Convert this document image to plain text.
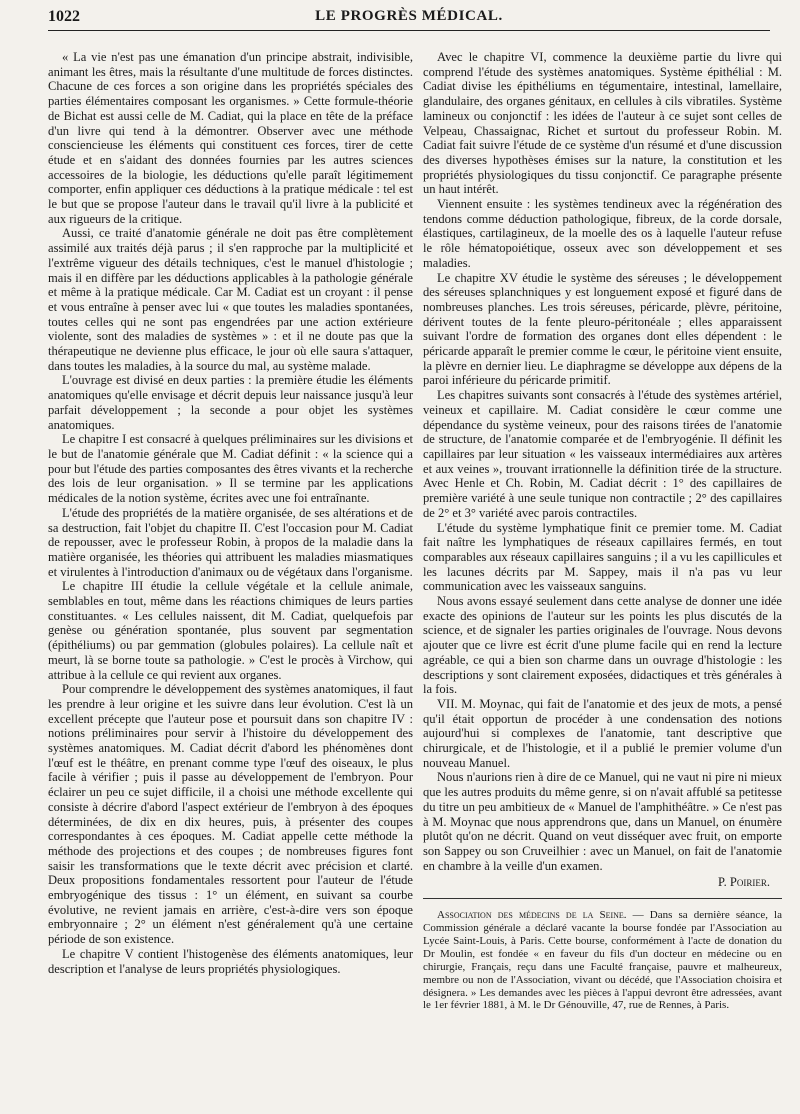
1022	LE PROGRÈS MÉDICAL.

« La vie n'est pas une émanation d'un principe abstrait, indivisible, animant les êtres, mais la résultante d'une multitude de forces distinctes. Chacune de ces forces a son origine dans les propriétés spéciales des parties élémentaires composant les organismes. » Cette formule-théorie de Bichat est aussi celle de M. Cadiat, qui la place en tête de la préface d'un livre qui tend à la démontrer. Observer avec une méthode consciencieuse les éléments qui constituent ces forces, tirer de cette étude et en s'aidant des données fournies par les autres sciences accessoires de la biologie, les déductions qu'elle paraît légitimement comporter, enfin appliquer ces déductions à la pratique médicale : tel est le but que se propose l'auteur dans le travail qu'il livre à la publicité et aux rigueurs de la critique.

Aussi, ce traité d'anatomie générale ne doit pas être complètement assimilé aux traités déjà parus ; il s'en rapproche par la multiplicité et l'extrême vigueur des détails techniques, c'est le manuel d'histologie ; mais il en diffère par les déductions applicables à la pathologie générale et même à la pratique médicale. Car M. Cadiat est un croyant : il pense et vous entraîne à penser avec lui « que toutes les maladies spontanées, toutes celles qui ne sont pas engendrées par une action extérieure violente, sont des maladies de systèmes » : et il ne doute pas que la thérapeutique ne devienne plus efficace, le jour où elle saura s'attaquer, dans toutes les maladies, à la source du mal, au système malade.

L'ouvrage est divisé en deux parties : la première étudie les éléments anatomiques qu'elle envisage et décrit depuis leur naissance jusqu'à leur parfait développement ; la seconde a pour objet les systèmes anatomiques.

Le chapitre I est consacré à quelques préliminaires sur les divisions et le but de l'anatomie générale que M. Cadiat définit : « la science qui a pour but l'étude des parties composantes des êtres vivants et la recherche des lois de leur organisation. » Il se termine par les applications médicales de la notion système, écrites avec une foi entraînante.

L'étude des propriétés de la matière organisée, de ses altérations et de sa destruction, fait l'objet du chapitre II. C'est l'occasion pour M. Cadiat de repousser, avec le professeur Robin, à propos de la maladie dans la matière organisée, les théories qui attribuent les maladies miasmatiques et virulentes à l'introduction d'animaux ou de végétaux dans l'organisme.

Le chapitre III étudie la cellule végétale et la cellule animale, semblables en tout, même dans les réactions chimiques de leurs parties constituantes. « Les cellules naissent, dit M. Cadiat, quelquefois par genèse ou génération spontanée, plus souvent par segmentation (épithéliums) ou par gemmation (globules polaires). La cellule naît et meurt, là se borne toute sa pathologie. » C'est le procès à Virchow, qui attribue à la cellule ce qui revient aux organes.

Pour comprendre le développement des systèmes anatomiques, il faut les prendre à leur origine et les suivre dans leur évolution. C'est là un excellent précepte que l'auteur pose et poursuit dans son chapitre IV : notions préliminaires pour servir à l'histoire du développement des systèmes anatomiques. M. Cadiat décrit d'abord les phénomènes dont l'œuf est le théâtre, en prenant comme type l'œuf des oiseaux, le plus facile à vérifier ; puis il passe au développement de l'embryon. Pour éclairer un peu ce sujet difficile, il a choisi une méthode excellente qui consiste à décrire d'abord l'aspect extérieur de l'embryon à des époques déterminées, de dix en dix heures, puis, à présenter des coupes correspondantes à ces époques. M. Cadiat appelle cette méthode la méthode des projections et des coupes ; de nombreuses figures font saisir les transformations que le texte décrit avec précision et clarté. Deux propositions fondamentales ressortent pour l'auteur de l'étude embryogénique des tissus : 1° un élément, en suivant sa courbe évolutive, ne revient jamais en arrière, c'est-à-dire vers son époque embryonnaire ; 2° un élément n'est généralement qu'à une certaine période de son existence.

Le chapitre V contient l'histogenèse des éléments anatomiques, leur description et l'analyse de leurs propriétés physiologiques.

Avec le chapitre VI, commence la deuxième partie du livre qui comprend l'étude des systèmes anatomiques. Système épithélial : M. Cadiat divise les épithéliums en tégumentaire, intestinal, lamellaire, glandulaire, des organes génitaux, en cellules à cils vibratiles. Système lamineux ou conjonctif : les idées de l'auteur à ce sujet sont celles de Velpeau, Chassaignac, Richet et surtout du professeur Robin. M. Cadiat fait suivre l'étude de ce système d'un résumé et d'une discussion des diverses hypothèses émises sur la nature, la constitution et les propriétés physiologiques du tissu conjonctif. Ce paragraphe présente un haut intérêt.

Viennent ensuite : les systèmes tendineux avec la régénération des tendons comme déduction pathologique, fibreux, de la corde dorsale, élastiques, cartilagineux, de la moelle des os à laquelle l'auteur refuse le rôle hématopoiétique, osseux avec son développement et ses maladies.

Le chapitre XV étudie le système des séreuses ; le développement des séreuses splanchniques y est longuement exposé et figuré dans de nombreuses planches. Les trois séreuses, péricarde, plèvre, péritoine, dérivent toutes de la fente pleuro-péritonéale ; elles apparaissent suivant l'ordre de formation des organes dont elles dépendent : le péricarde apparaît le premier comme le cœur, le péritoine vient ensuite, la plèvre en dernier lieu. Le diaphragme se développe aux dépens de la paroi inférieure du péricarde primitif.

Les chapitres suivants sont consacrés à l'étude des systèmes artériel, veineux et capillaire. M. Cadiat considère le cœur comme une dépendance du système veineux, pour des raisons tirées de l'anatomie de structure, de l'anatomie comparée et de l'embryogénie. Il définit les capillaires par leur situation « les vaisseaux intermédiaires aux artères et aux veines », trouvant irrationnelle la définition tirée de la structure. Avec Henle et Ch. Robin, M. Cadiat décrit : 1° des capillaires de première variété à une seule tunique non contractile ; 2° des capillaires de 2° et 3° variété avec parois contractiles.

L'étude du système lymphatique finit ce premier tome. M. Cadiat fait naître les lymphatiques de réseaux capillaires fermés, en tout comparables aux réseaux capillaires sanguins ; il a vu les capillicules et les lacunes décrits par M. Sappey, mais il n'a pas vu leur communication avec les vaisseaux sanguins.

Nous avons essayé seulement dans cette analyse de donner une idée exacte des opinions de l'auteur sur les points les plus discutés de la science, et de signaler les parties originales de l'ouvrage. Nous devons ajouter que ce livre est écrit d'une plume facile qui en rend la lecture agréable, ce qui a bien son charme dans un ouvrage d'histologie : les descriptions y sont clairement exposées, didactiques et très générales à la fois.

VII. M. Moynac, qui fait de l'anatomie et des jeux de mots, a pensé qu'il était opportun de procéder à une condensation des notions aujourd'hui si complexes de l'anatomie, tant descriptive que chirurgicale, et de l'histologie, et il a publié le premier volume d'un nouveau Manuel.

Nous n'aurions rien à dire de ce Manuel, qui ne vaut ni pire ni mieux que les autres produits du même genre, si on n'avait affublé sa petitesse du titre un peu ambitieux de « Manuel de l'amphithéâtre. » Ce n'est pas à M. Moynac que nous apprendrons que, dans un Manuel, on énumère plutôt qu'on ne décrit. Quand on veut disséquer avec fruit, on emporte son Sappey ou son Cruveilhier : avec un Manuel, on fait de l'anatomie en chambre à la veille d'un examen.

P. Poirier.

Association des médecins de la Seine. — Dans sa dernière séance, la Commission générale a déclaré vacante la bourse fondée par l'Association au Lycée Saint-Louis, à Paris. Cette bourse, conformément à l'acte de donation du Dr Moulin, est fondée « en faveur du fils d'un docteur en médecine ou en chirurgie, Français, reçu dans une Faculté française, pauvre et malheureux, membre ou non de l'Association, vivant ou décédé, que l'Association choisira et désignera. » Les demandes avec les pièces à l'appui devront être adressées, avant le 1er février 1881, à M. le Dr Génouville, 47, rue de Rennes, à Paris.
